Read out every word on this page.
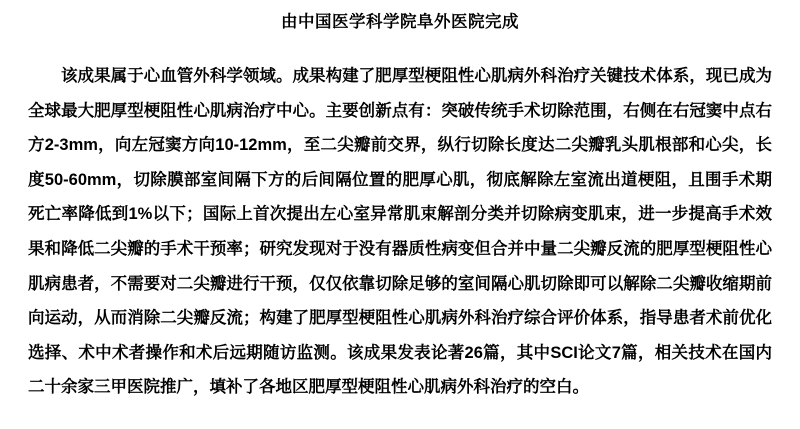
由中国医学科学院阜外医院完成

该成果属于心血管外科学领域。成果构建了肥厚型梗阻性心肌病外科治疗关键技术体系，现已成为全球最大肥厚型梗阻性心肌病治疗中心。主要创新点有：突破传统手术切除范围，右侧在右冠窦中点右方2-3mm，向左冠窦方向10-12mm，至二尖瓣前交界，纵行切除长度达二尖瓣乳头肌根部和心尖，长度50-60mm，切除膜部室间隔下方的后间隔位置的肥厚心肌，彻底解除左室流出道梗阻，且围手术期死亡率降低到1%以下；国际上首次提出左心室异常肌束解剖分类并切除病变肌束，进一步提高手术效果和降低二尖瓣的手术干预率；研究发现对于没有器质性病变但合并中量二尖瓣反流的肥厚型梗阻性心肌病患者，不需要对二尖瓣进行干预，仅仅依靠切除足够的室间隔心肌切除即可以解除二尖瓣收缩期前向运动，从而消除二尖瓣反流；构建了肥厚型梗阻性心肌病外科治疗综合评价体系，指导患者术前优化选择、术中术者操作和术后远期随访监测。该成果发表论著26篇，其中SCI论文7篇，相关技术在国内二十余家三甲医院推广，填补了各地区肥厚型梗阻性心肌病外科治疗的空白。
